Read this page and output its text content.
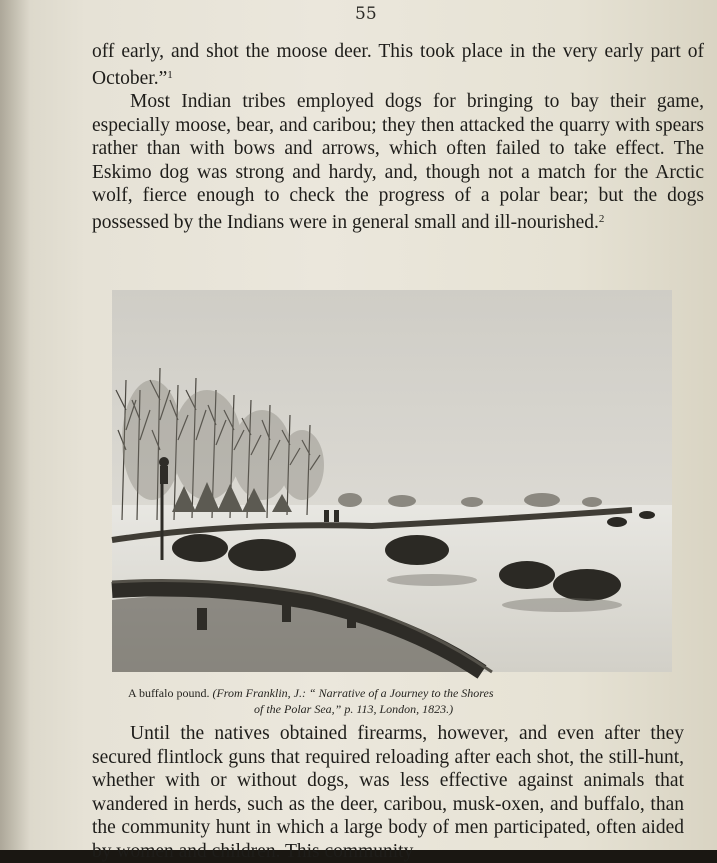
55

off early, and shot the moose deer. This took place in the very early part of October.”$^1$

Most Indian tribes employed dogs for bringing to bay their game, especially moose, bear, and caribou; they then attacked the quarry with spears rather than with bows and arrows, which often failed to take effect. The Eskimo dog was strong and hardy, and, though not a match for the Arctic wolf, fierce enough to check the progress of a polar bear; but the dogs possessed by the Indians were in general small and ill-nourished.$^2$

A buffalo pound. (From Franklin, J.: “ Narrative of a Journey to the Shores
of the Polar Sea,” p. 113, London, 1823.)

Until the natives obtained firearms, however, and even after they secured flintlock guns that required reloading after each shot, the still-hunt, whether with or without dogs, was less effective against animals that wandered in herds, such as the deer, caribou, musk-oxen, and buffalo, than the community hunt in which a large body of men participated, often aided by women and children. This community
